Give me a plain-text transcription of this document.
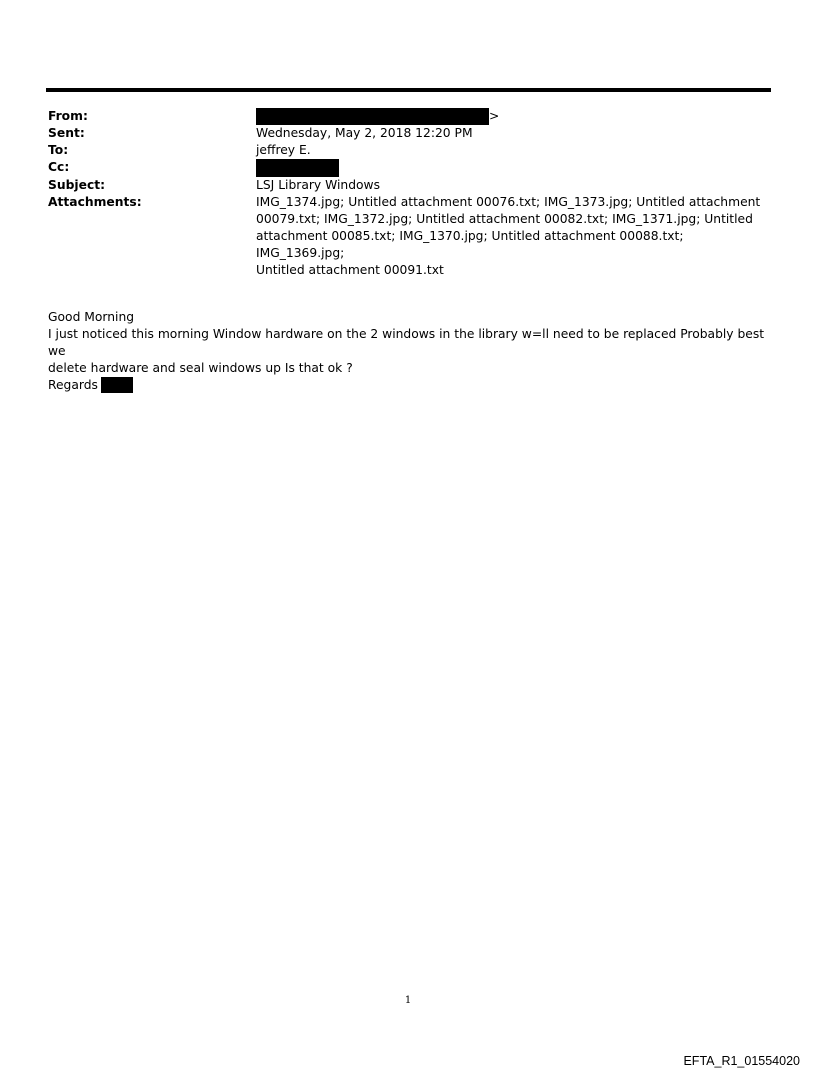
From:	>
Sent:	Wednesday, May 2, 2018 12:20 PM
To:	jeffrey E.
Cc:
Subject:	LSJ Library Windows
Attachments:	IMG_1374.jpg; Untitled attachment 00076.txt; IMG_1373.jpg; Untitled attachment
00079.txt; IMG_1372.jpg; Untitled attachment 00082.txt; IMG_1371.jpg; Untitled
attachment 00085.txt; IMG_1370.jpg; Untitled attachment 00088.txt; IMG_1369.jpg;
Untitled attachment 00091.txt

Good Morning

I just noticed this morning Window hardware on the 2 windows in the library w=ll need to be replaced Probably best we

delete hardware and seal windows up Is that ok ?

Regards

1
EFTA_R1_01554020
